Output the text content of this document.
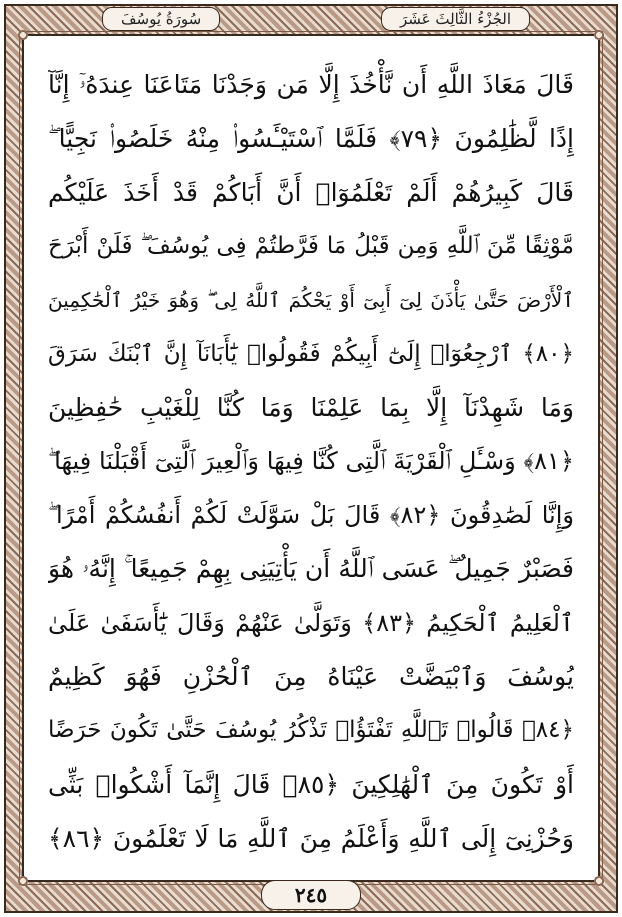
سُورَةُ يُوسُفَ	الجُزْءُ الثَّالِثَ عَشَرَ
قَالَ مَعَاذَ اللَّهِ أَن نَّأْخُذَ إِلَّا مَن وَجَدْنَا مَتَاعَنَا عِندَهُۥٓ إِنَّآ
إِذًا لَّظَٰلِمُونَ ﴿٧٩﴾ فَلَمَّا ٱسْتَيْـَٔسُوا۟ مِنْهُ خَلَصُوا۟ نَجِيًّا ۖ
قَالَ كَبِيرُهُمْ أَلَمْ تَعْلَمُوٓا۟ أَنَّ أَبَاكُمْ قَدْ أَخَذَ عَلَيْكُم
مَّوْثِقًا مِّنَ ٱللَّهِ وَمِن قَبْلُ مَا فَرَّطتُمْ فِى يُوسُفَ ۖ فَلَنْ أَبْرَحَ
ٱلْأَرْضَ حَتَّىٰ يَأْذَنَ لِىٓ أَبِىٓ أَوْ يَحْكُمَ ٱللَّهُ لِى ۖ وَهُوَ خَيْرُ ٱلْحَٰكِمِينَ
﴿٨٠﴾ ٱرْجِعُوٓا۟ إِلَىٰٓ أَبِيكُمْ فَقُولُوا۟ يَٰٓأَبَانَآ إِنَّ ٱبْنَكَ سَرَقَ
وَمَا شَهِدْنَآ إِلَّا بِمَا عَلِمْنَا وَمَا كُنَّا لِلْغَيْبِ حَٰفِظِينَ
﴿٨١﴾ وَسْـَٔلِ ٱلْقَرْيَةَ ٱلَّتِى كُنَّا فِيهَا وَٱلْعِيرَ ٱلَّتِىٓ أَقْبَلْنَا فِيهَا ۖ
وَإِنَّا لَصَٰدِقُونَ ﴿٨٢﴾ قَالَ بَلْ سَوَّلَتْ لَكُمْ أَنفُسُكُمْ أَمْرًا ۖ
فَصَبْرٌ جَمِيلٌ ۖ عَسَى ٱللَّهُ أَن يَأْتِيَنِى بِهِمْ جَمِيعًا ۚ إِنَّهُۥ هُوَ
ٱلْعَلِيمُ ٱلْحَكِيمُ ﴿٨٣﴾ وَتَوَلَّىٰ عَنْهُمْ وَقَالَ يَٰٓأَسَفَىٰ عَلَىٰ
يُوسُفَ وَٱبْيَضَّتْ عَيْنَاهُ مِنَ ٱلْحُزْنِ فَهُوَ كَظِيمٌ
﴿٨٤﴾ قَالُوا۟ تَٱللَّهِ تَفْتَؤُا۟ تَذْكُرُ يُوسُفَ حَتَّىٰ تَكُونَ حَرَضًا
أَوْ تَكُونَ مِنَ ٱلْهَٰلِكِينَ ﴿٨٥﴾ قَالَ إِنَّمَآ أَشْكُوا۟ بَثِّى
وَحُزْنِىٓ إِلَى ٱللَّهِ وَأَعْلَمُ مِنَ ٱللَّهِ مَا لَا تَعْلَمُونَ ﴿٨٦﴾
٢٤٥
